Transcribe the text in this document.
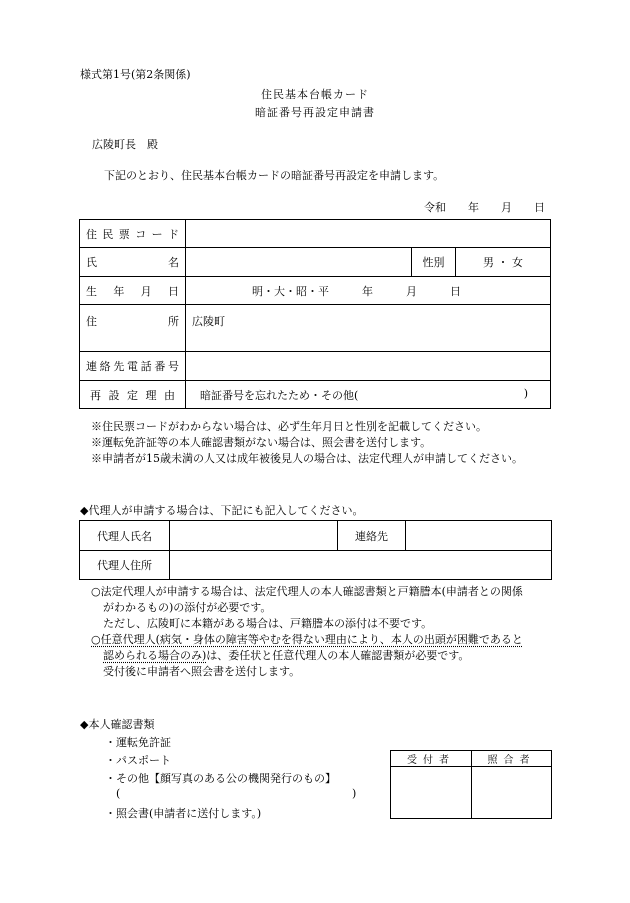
様式第1号(第2条関係)
住民基本台帳カード
暗証番号再設定申請書
広陵町長　殿
下記のとおり、住民基本台帳カードの暗証番号再設定を申請します。
令和　　年　　月　　日
住民票コード			

氏　　名		性別	男 ・ 女

生年月日	明・大・昭・平　　　年　　　月　　　日		

住　　所	広陵町		

連絡先電話番号			

再設定理由	暗証番号を忘れたため・その他( )		
※住民票コードがわからない場合は、必ず生年月日と性別を記載してください。
※運転免許証等の本人確認書類がない場合は、照会書を送付します。
※申請者が15歳未満の人又は成年被後見人の場合は、法定代理人が申請してください。
◆代理人が申請する場合は、下記にも記入してください。
代理人氏名		連絡先	
代理人住所			
○法定代理人が申請する場合は、法定代理人の本人確認書類と戸籍謄本(申請者との関係
がわかるもの)の添付が必要です。
ただし、広陵町に本籍がある場合は、戸籍謄本の添付は不要です。
○任意代理人(病気・身体の障害等やむを得ない理由により、本人の出頭が困難であると
認められる場合のみ)は、委任状と任意代理人の本人確認書類が必要です。
受付後に申請者へ照会書を送付します。
◆本人確認書類
・運転免許証
・パスポート
・その他【顔写真のある公の機関発行のもの】
(	)
・照会書(申請者に送付します。)
受付者	照合者
